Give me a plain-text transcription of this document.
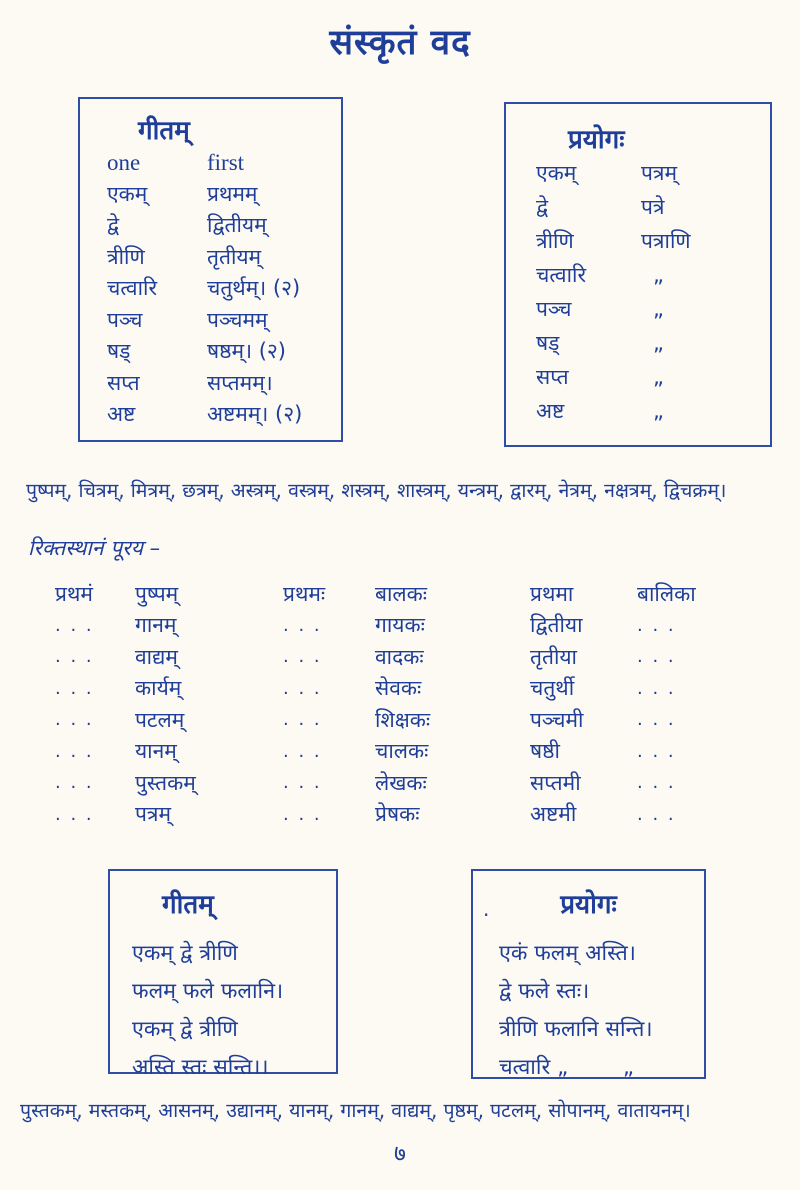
संस्कृतं वद
गीतम्
one	first
एकम्	प्रथमम्
द्वे	द्वितीयम्
त्रीणि	तृतीयम्
चत्वारि	चतुर्थम्। (२)
पञ्च	पञ्चमम्
षड्	षष्ठम्। (२)
सप्त	सप्तमम्।
अष्ट	अष्टमम्। (२)
प्रयोगः
एकम्	पत्रम्
द्वे	पत्रे
त्रीणि	पत्राणि
चत्वारि	„
पञ्च	„
षड्	„
सप्त	„
अष्ट	„
पुष्पम्, चित्रम्, मित्रम्, छत्रम्, अस्त्रम्, वस्त्रम्, शस्त्रम्, शास्त्रम्, यन्त्रम्, द्वारम्, नेत्रम्, नक्षत्रम्, द्विचक्रम्।
रिक्तस्थानं पूरय –
प्रथमं	पुष्पम्	प्रथमः	बालकः	प्रथमा	बालिका
. . .	गानम्	. . .	गायकः	द्वितीया	. . .
. . .	वाद्यम्	. . .	वादकः	तृतीया	. . .
. . .	कार्यम्	. . .	सेवकः	चतुर्थी	. . .
. . .	पटलम्	. . .	शिक्षकः	पञ्चमी	. . .
. . .	यानम्	. . .	चालकः	षष्ठी	. . .
. . .	पुस्तकम्	. . .	लेखकः	सप्तमी	. . .
. . .	पत्रम्	. . .	प्रेषकः	अष्टमी	. . .
गीतम्
एकम् द्वे त्रीणि
फलम् फले फलानि।
एकम् द्वे त्रीणि
अस्ति स्तः सन्ति।।
.	प्रयोगः
एकं फलम् अस्ति।
द्वे फले स्तः।
त्रीणि फलानि सन्ति।
चत्वारि „        „
पुस्तकम्, मस्तकम्, आसनम्, उद्यानम्, यानम्, गानम्, वाद्यम्, पृष्ठम्, पटलम्, सोपानम्, वातायनम्।
७
